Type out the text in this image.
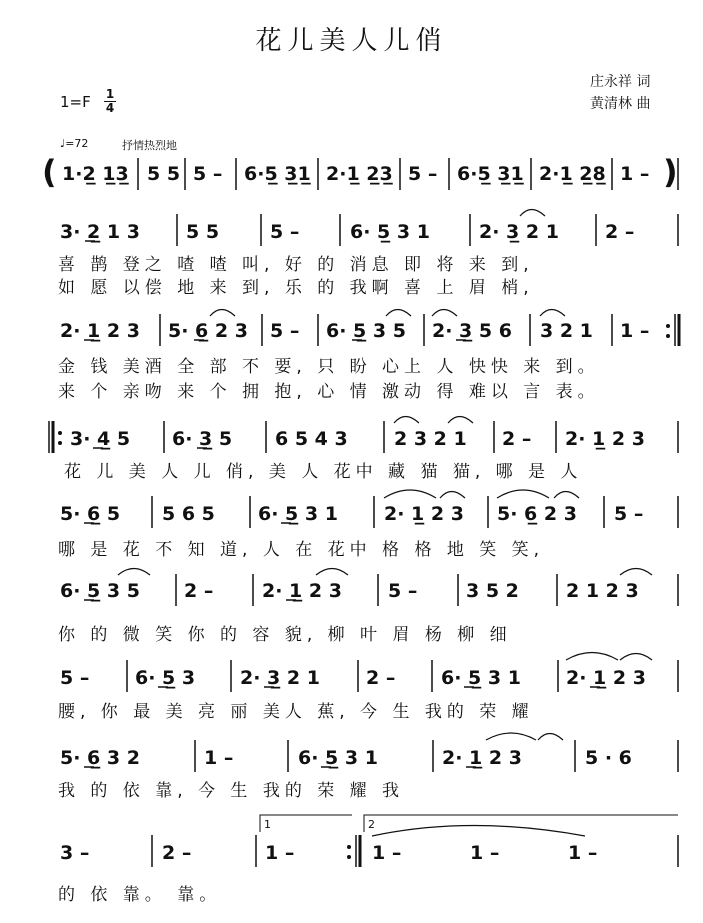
花儿美人儿俏
庄永祥 词
黄清林 曲
$1=F \frac{1}{4}$
♩=72	抒情热烈地
(	)
1·2̲ 1̲3̲ 5 5 5 – 6·5̲ 3̲1̲ 2·1̲ 2̲3̲ 5 – 6·5̲ 3̲1̲ 2·1̲ 2̲8̲ 1 –
3· 2̲ 1 3 5 5	5 –	6· 5̲ 3 1	2· 3̲ 2 1 2 –
喜 鹊 登之 喳 喳 叫, 好 的 消息 即 将 来 到,
如 愿 以偿 地 来 到, 乐 的 我啊 喜 上 眉 梢,
2· 1̲ 2 3 5· 6̲ 2 3 5 – 6· 5̲ 3 5 2· 3̲ 5 6 3 2 1 1 –
金 钱 美酒 全 部 不 要, 只 盼 心上 人 快快 来 到。
来 个 亲吻 来 个 拥 抱, 心 情 激动 得 难以 言 表。
3· 4̲ 5 6· 3̲ 5 6 5 4 3 2 3 2 1 2 – 2· 1̲ 2 3
花 儿 美 人 儿 俏, 美 人 花中 藏 猫 猫, 哪 是 人
5· 6̲ 5 5 6 5 6· 5̲ 3 1 2· 1̲ 2 3 5· 6̲ 2 3 5 –
哪 是 花 不 知 道, 人 在 花中 格 格 地 笑 笑,
6· 5̲ 3 5 2 –	2· 1̲ 2 3 5 –	3 5 2 2 1 2 3
你 的 微 笑 你 的 容 貌, 柳 叶 眉 杨 柳 细
5 – 6· 5̲ 3 2· 3̲ 2 1 2 – 6· 5̲ 3 1 2· 1̲ 2 3
腰, 你 最 美 亮 丽 美人 蕉, 今 生 我的 荣 耀
5· 6̲ 3 2	1 –	6· 5̲ 3 1	2· 1̲ 2 3	5 · 6
我 的 依 靠, 今 生 我的 荣 耀 我
3 –	2 –	1 –	1 –	1 –	1 –
的 依 靠。 靠。
1	2
